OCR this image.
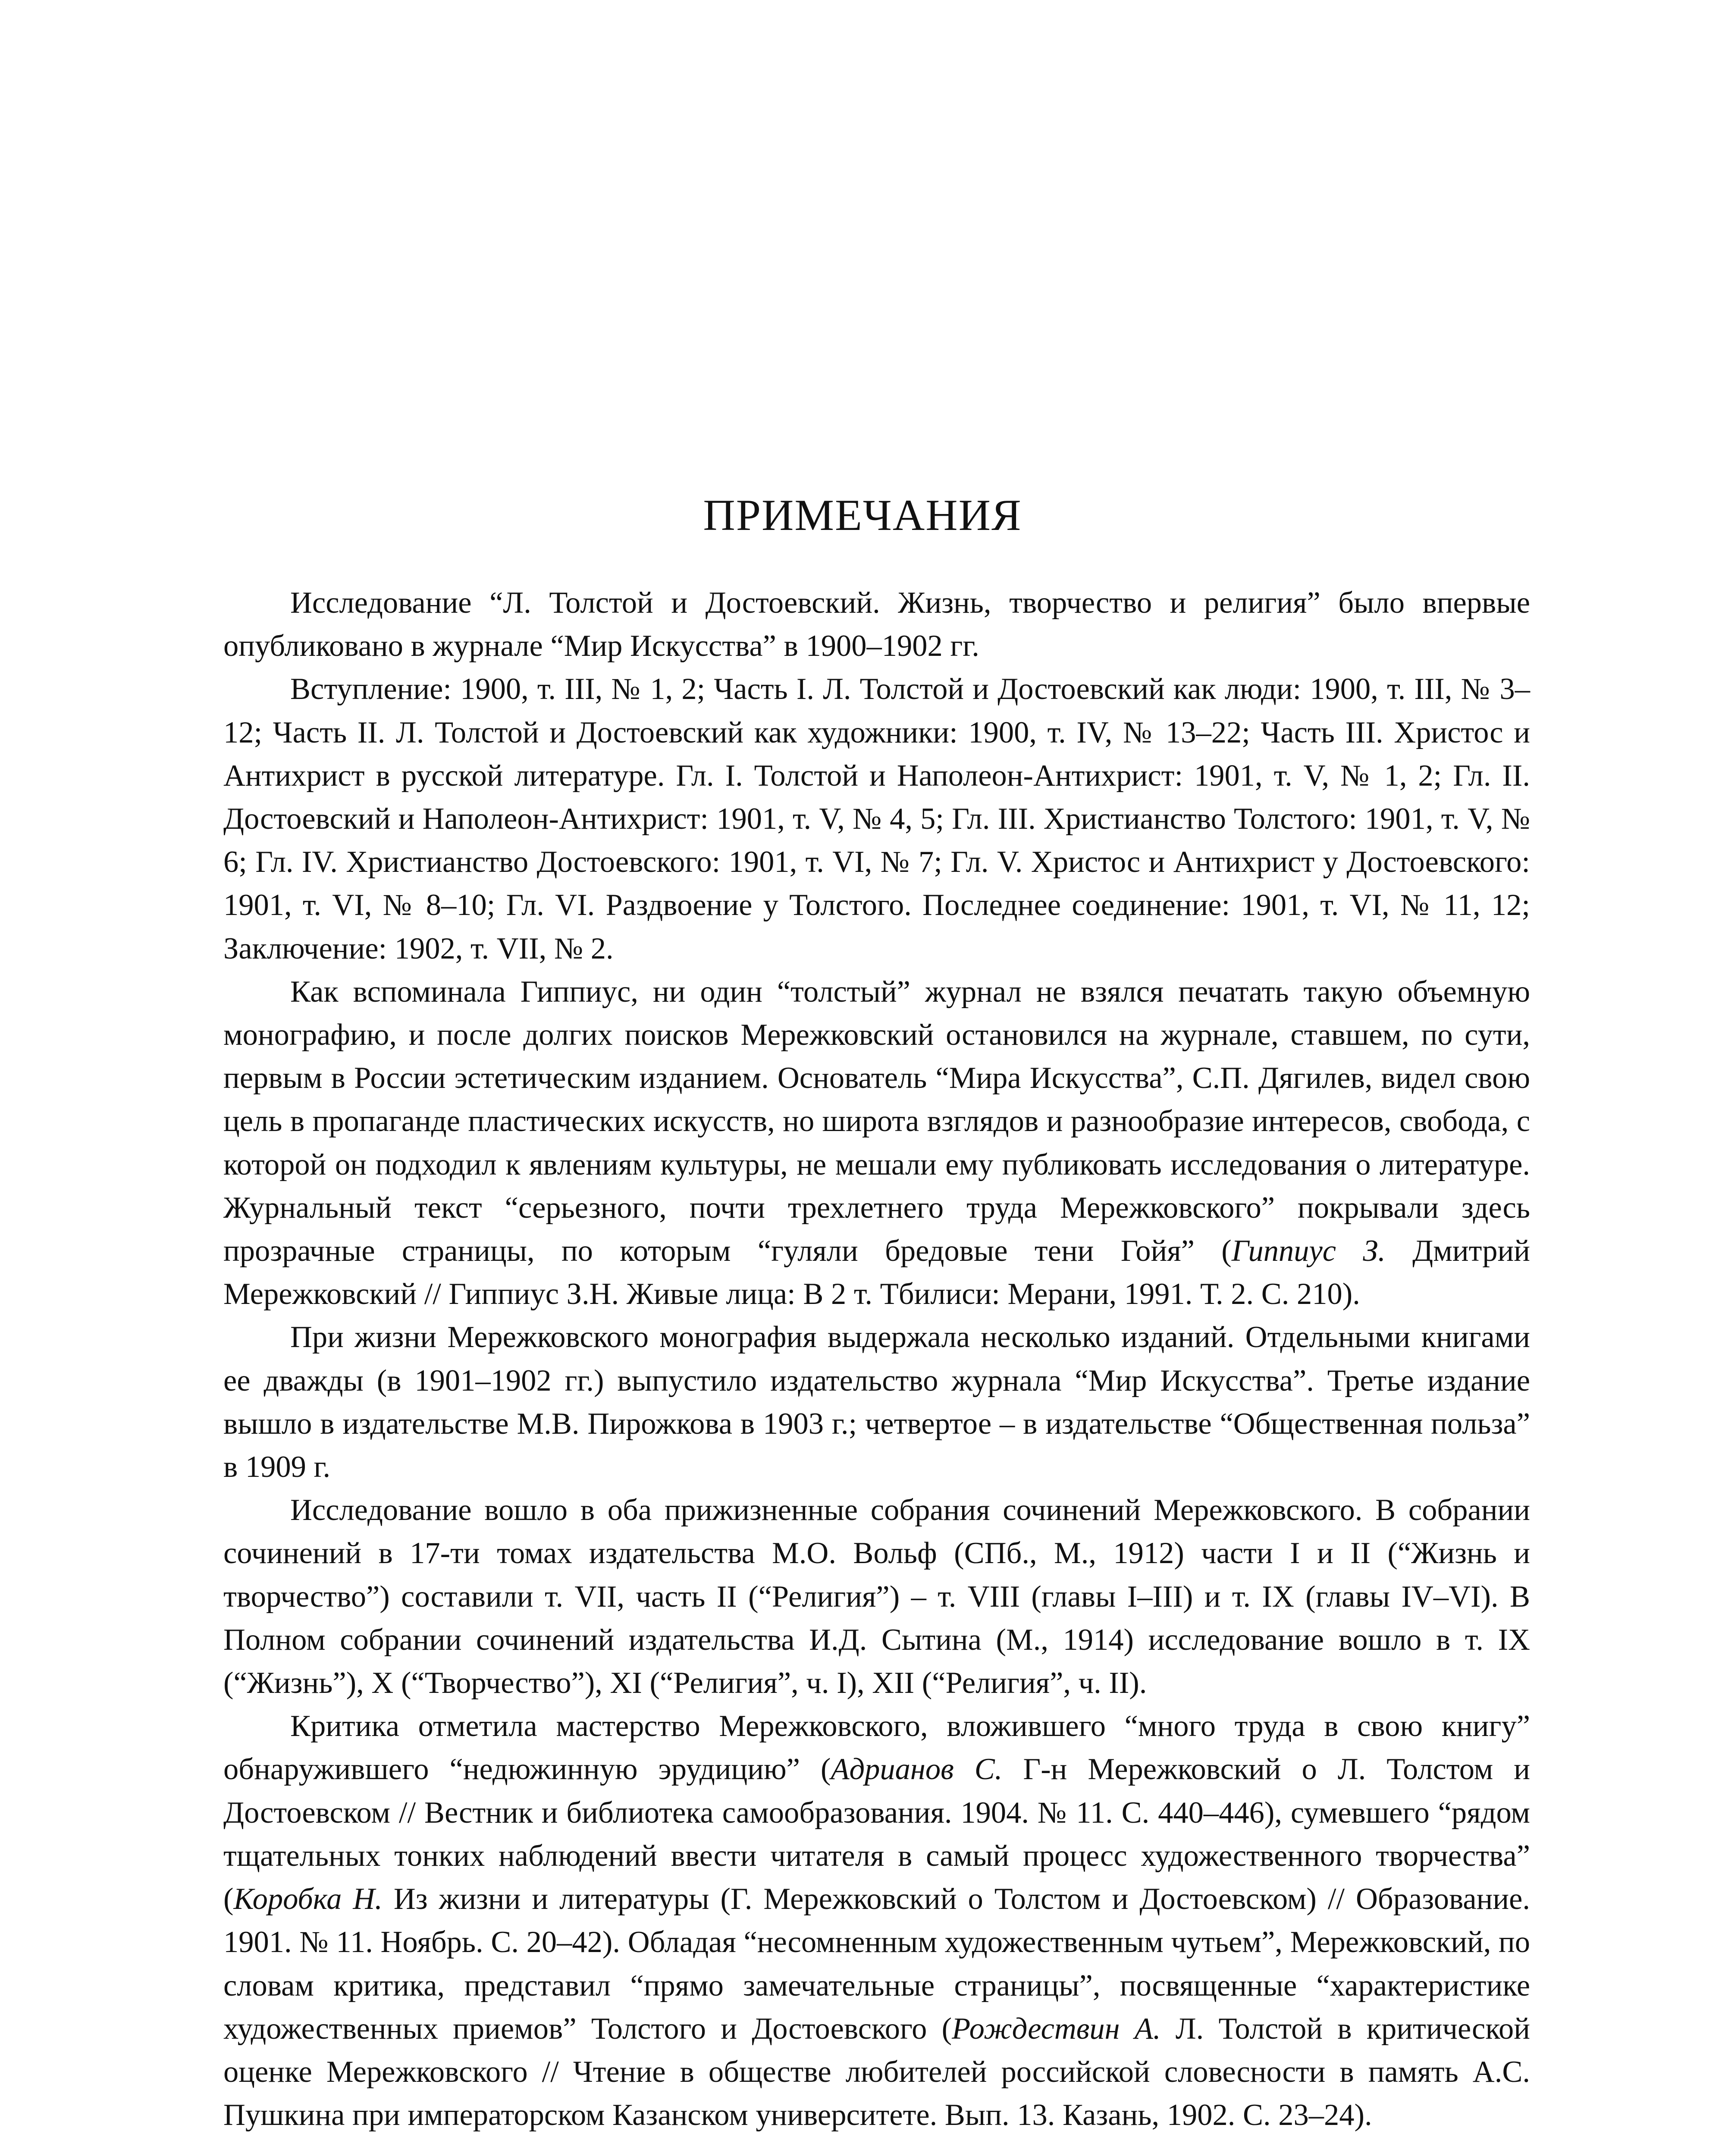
ПРИМЕЧАНИЯ

Исследование “Л. Толстой и Достоевский. Жизнь, творчество и религия” было впервые опубликовано в журнале “Мир Искусства” в 1900–1902 гг.

Вступление: 1900, т. III, № 1, 2; Часть I. Л. Толстой и Достоевский как люди: 1900, т. III, № 3–12; Часть II. Л. Толстой и Достоевский как художники: 1900, т. IV, № 13–22; Часть III. Христос и Антихрист в русской литературе. Гл. I. Толстой и Наполеон-Антихрист: 1901, т. V, № 1, 2; Гл. II. Достоевский и Наполеон-Антихрист: 1901, т. V, № 4, 5; Гл. III. Христианство Толстого: 1901, т. V, № 6; Гл. IV. Христианство Достоевского: 1901, т. VI, № 7; Гл. V. Христос и Антихрист у Достоевского: 1901, т. VI, № 8–10; Гл. VI. Раздвоение у Толстого. Последнее соединение: 1901, т. VI, № 11, 12; Заключение: 1902, т. VII, № 2.

Как вспоминала Гиппиус, ни один “толстый” журнал не взялся печатать такую объемную монографию, и после долгих поисков Мережковский остановился на журнале, ставшем, по сути, первым в России эстетическим изданием. Основатель “Мира Искусства”, С.П. Дягилев, видел свою цель в пропаганде пластических искусств, но широта взглядов и разнообразие интересов, свобода, с которой он подходил к явлениям культуры, не мешали ему публиковать исследования о литературе. Журнальный текст “серьезного, почти трехлетнего труда Мережковского” покрывали здесь прозрачные страницы, по которым “гуляли бредовые тени Гойя” (Гиппиус З. Дмитрий Мережковский // Гиппиус З.Н. Живые лица: В 2 т. Тбилиси: Мерани, 1991. Т. 2. С. 210).

При жизни Мережковского монография выдержала несколько изданий. Отдельными книгами ее дважды (в 1901–1902 гг.) выпустило издательство журнала “Мир Искусства”. Третье издание вышло в издательстве М.В. Пирожкова в 1903 г.; четвертое – в издательстве “Общественная польза” в 1909 г.

Исследование вошло в оба прижизненные собрания сочинений Мережковского. В собрании сочинений в 17-ти томах издательства М.О. Вольф (СПб., М., 1912) части I и II (“Жизнь и творчество”) составили т. VII, часть II (“Религия”) – т. VIII (главы I–III) и т. IX (главы IV–VI). В Полном собрании сочинений издательства И.Д. Сытина (М., 1914) исследование вошло в т. IX (“Жизнь”), X (“Творчество”), XI (“Религия”, ч. I), XII (“Религия”, ч. II).

Критика отметила мастерство Мережковского, вложившего “много труда в свою книгу” обнаружившего “недюжинную эрудицию” (Адрианов С. Г-н Мережковский о Л. Толстом и Достоевском // Вестник и библиотека самообразования. 1904. № 11. С. 440–446), сумевшего “рядом тщательных тонких наблюдений ввести читателя в самый процесс художественного творчества” (Коробка Н. Из жизни и литературы (Г. Мережковский о Толстом и Достоевском) // Образование. 1901. № 11. Ноябрь. С. 20–42). Обладая “несомненным художественным чутьем”, Мережковский, по словам критика, представил “прямо замечательные страницы”, посвященные “характеристике художественных приемов” Толстого и Достоевского (Рождествин А. Л. Толстой в критической оценке Мережковского // Чтение в обществе любителей российской словесности в память А.С. Пушкина при императорском Казанском университете. Вып. 13. Казань, 1902. С. 23–24).
